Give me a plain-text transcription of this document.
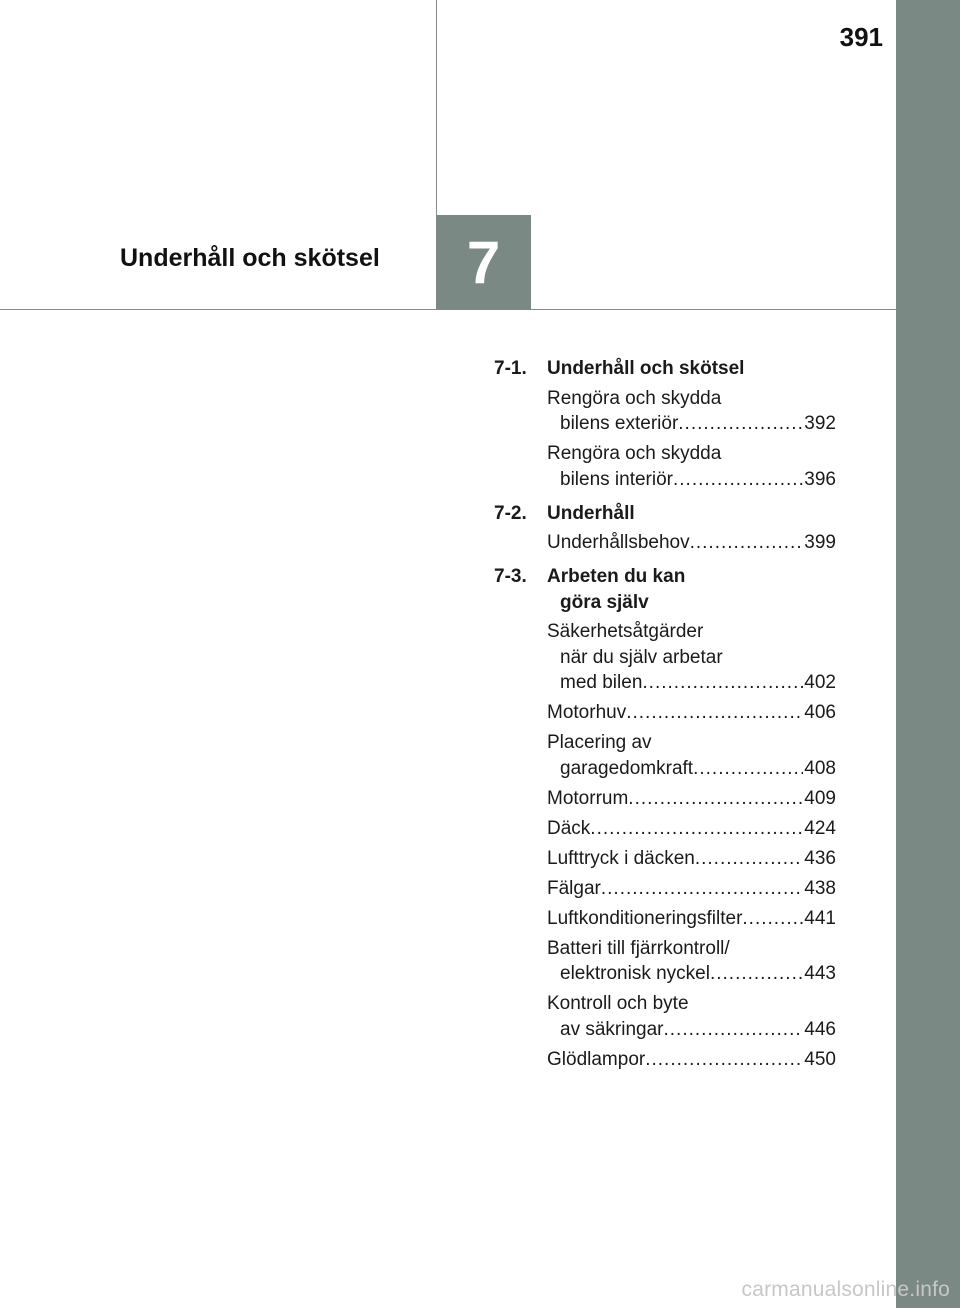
391
Underhåll och skötsel 7
7-1.	Underhåll och skötsel
Rengöra och skydda
bilens exteriör .....	392
Rengöra och skydda
bilens interiör .....	396
7-2.	Underhåll
Underhållsbehov .....	399
7-3.	Arbeten du kan

göra själv
Säkerhetsåtgärder
när du själv arbetar
med bilen .....	402
Motorhuv .....	406
Placering av
garagedomkraft .....	408
Motorrum .....	409
Däck .....	424
Lufttryck i däcken .....	436
Fälgar .....	438
Luftkonditioneringsfilter .....	441
Batteri till fjärrkontroll/
elektronisk nyckel .....	443
Kontroll och byte
av säkringar .....	446
Glödlampor .....	450
carmanualsonline.info
